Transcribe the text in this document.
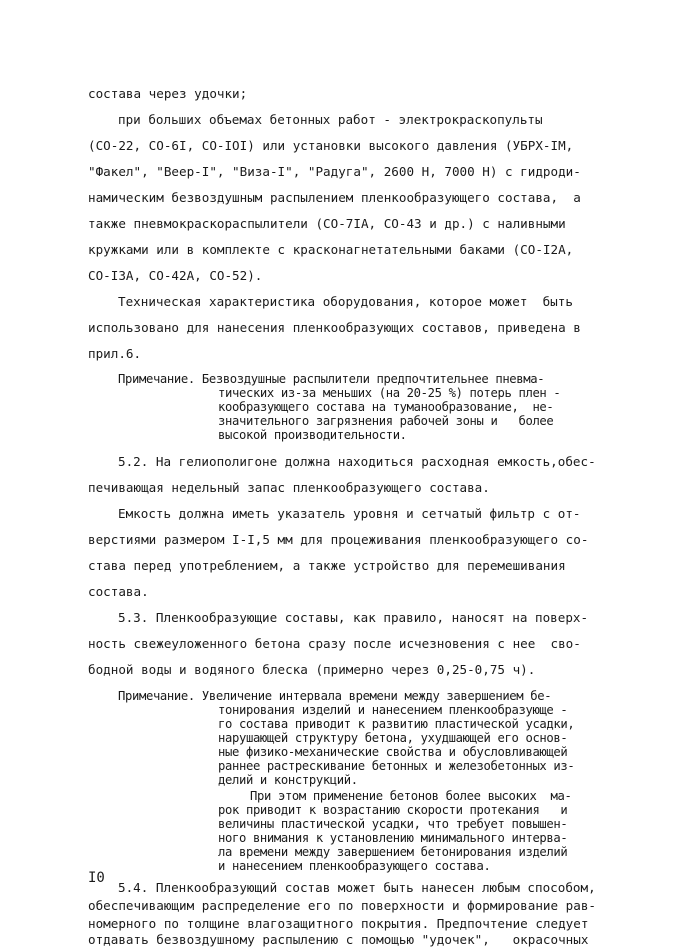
состава через удочки;
при больших объемах бетонных работ - электрокраскопульты
(СО-22, СО-6I, СО-IOI) или установки высокого давления (УБРХ-IМ,
"Факел", "Веер-I", "Виза-I", "Радуга", 2600 Н, 7000 Н) с гидроди-
намическим безвоздушным распылением пленкообразующего состава,  а
также пневмокраскораспылители (СО-7IА, СО-43 и др.) с наливными
кружками или в комплекте с красконагнетательными баками (СО-I2А,
СО-I3А, СО-42А, СО-52).
Техническая характеристика оборудования, которое может  быть
использовано для нанесения пленкообразующих составов, приведена в
прил.6.
Примечание. Безвоздушные распылители предпочтительнее пневма-
тических из-за меньших (на 20-25 %) потерь плен -
кообразующего состава на туманообразование,  не-
значительного загрязнения рабочей зоны и   более
высокой производительности.
5.2. На гелиополигоне должна находиться расходная емкость,обес-
печивающая недельный запас пленкообразующего состава.
Емкость должна иметь указатель уровня и сетчатый фильтр с от-
верстиями размером I-I,5 мм для процеживания пленкообразующего со-
става перед употреблением, а также устройство для перемешивания
состава.
5.3. Пленкообразующие составы, как правило, наносят на поверх-
ность свежеуложенного бетона сразу после исчезновения с нее  сво-
бодной воды и водяного блеска (примерно через 0,25-0,75 ч).
Примечание. Увеличение интервала времени между завершением бе-
тонирования изделий и нанесением пленкообразующе -
го состава приводит к развитию пластической усадки,
нарушающей структуру бетона, ухудшающей его основ-
ные физико-механические свойства и обусловливающей
раннее растрескивание бетонных и железобетонных из-
делий и конструкций.
При этом применение бетонов более высоких  ма-
рок приводит к возрастанию скорости протекания   и
величины пластической усадки, что требует повышен-
ного внимания к установлению минимального интерва-
ла времени между завершением бетонирования изделий
и нанесением пленкообразующего состава.
5.4. Пленкообразующий состав может быть нанесен любым способом,
обеспечивающим распределение его по поверхности и формирование рав-
номерного по толщине влагозащитного покрытия. Предпочтение следует
отдавать безвоздушному распылению с помощью "удочек",   окрасочных
I0
